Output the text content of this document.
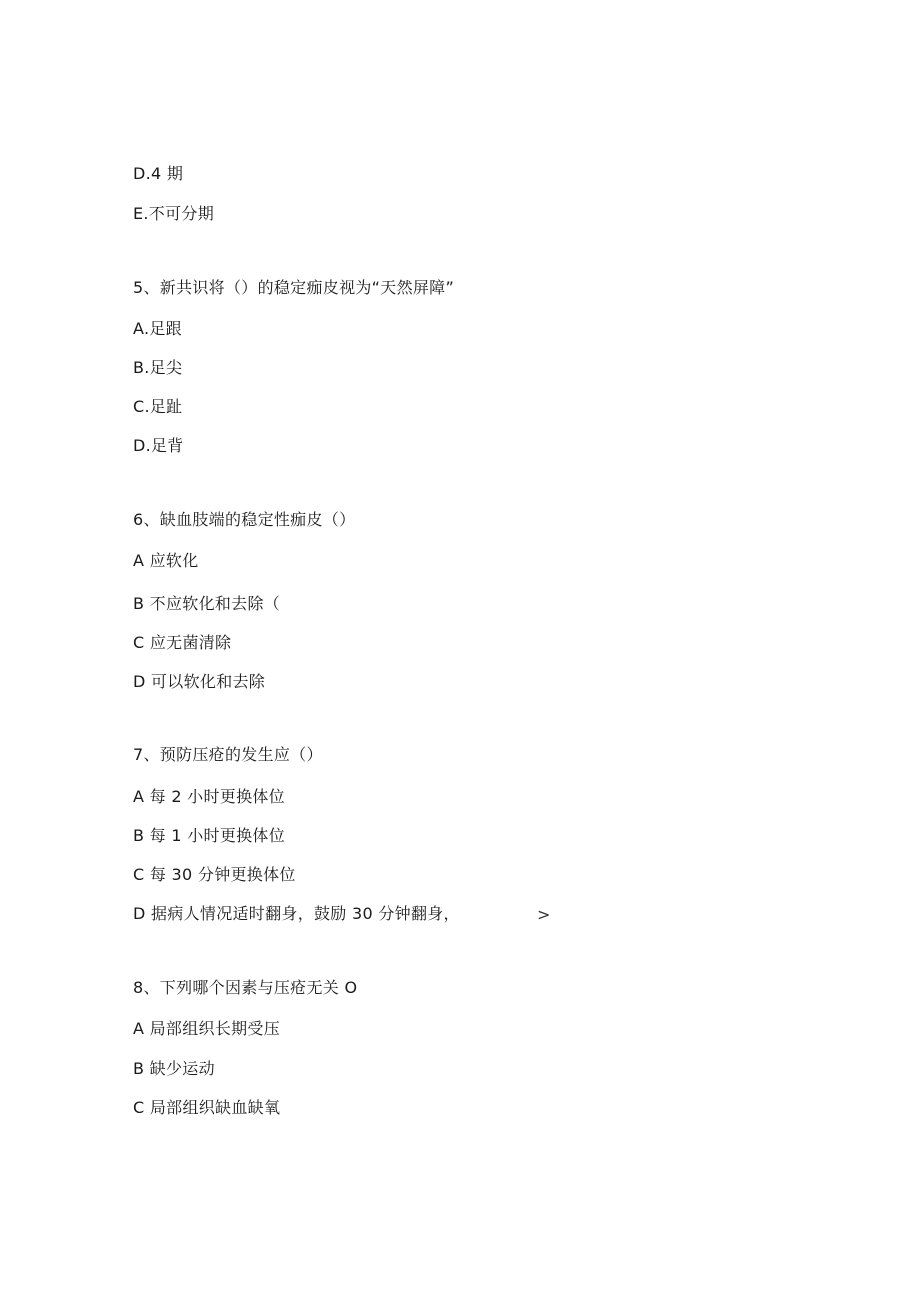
D.4 期
E.不可分期
5、新共识将（）的稳定痂皮视为“天然屏障”
A.足跟
B.足尖
C.足趾
D.足背
6、缺血肢端的稳定性痂皮（）
A 应软化
B 不应软化和去除（
C 应无菌清除
D 可以软化和去除
7、预防压疮的发生应（）
A 每 2 小时更换体位
B 每 1 小时更换体位
C 每 30 分钟更换体位
D 据病人情况适时翻身，鼓励 30 分钟翻身，	>
8、下列哪个因素与压疮无关 O
A 局部组织长期受压
B 缺少运动
C 局部组织缺血缺氧
